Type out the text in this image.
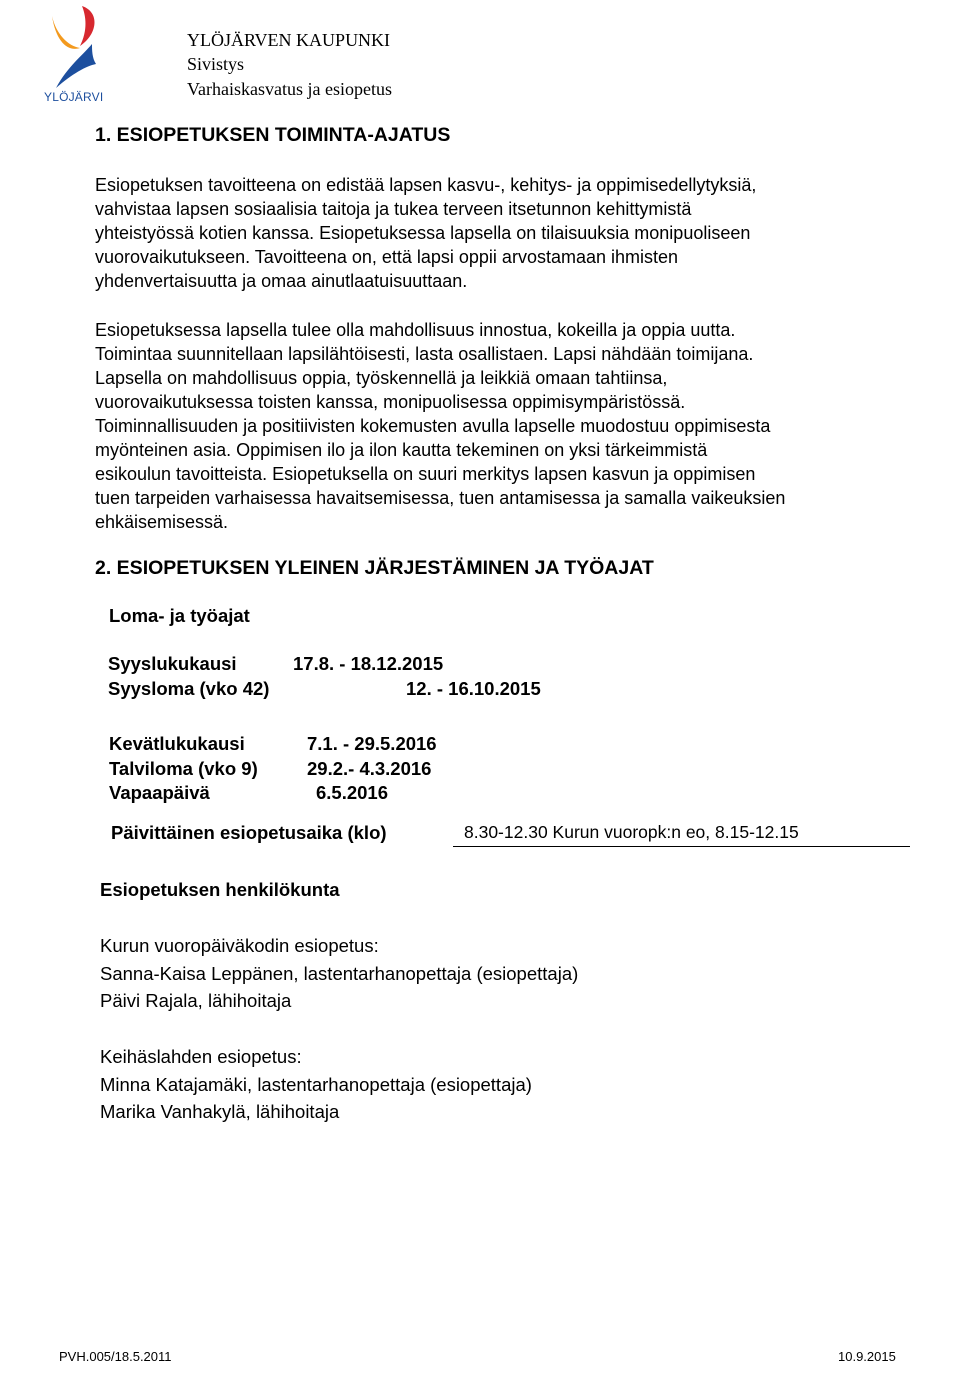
YLÖJÄRVI
YLÖJÄRVEN KAUPUNKI
Sivistys
Varhaiskasvatus ja esiopetus
1. ESIOPETUKSEN TOIMINTA-AJATUS
Esiopetuksen tavoitteena on edistää lapsen kasvu-, kehitys- ja oppimisedellytyksiä,
vahvistaa lapsen sosiaalisia taitoja ja tukea terveen itsetunnon kehittymistä
yhteistyössä kotien kanssa. Esiopetuksessa lapsella on tilaisuuksia monipuoliseen
vuorovaikutukseen. Tavoitteena on, että lapsi oppii arvostamaan ihmisten
yhdenvertaisuutta ja omaa ainutlaatuisuuttaan.
Esiopetuksessa lapsella tulee olla mahdollisuus innostua, kokeilla ja oppia uutta.
Toimintaa suunnitellaan lapsilähtöisesti, lasta osallistaen. Lapsi nähdään toimijana.
Lapsella on mahdollisuus oppia, työskennellä ja leikkiä omaan tahtiinsa,
vuorovaikutuksessa toisten kanssa, monipuolisessa oppimisympäristössä.
Toiminnallisuuden ja positiivisten kokemusten avulla lapselle muodostuu oppimisesta
myönteinen asia. Oppimisen ilo ja ilon kautta tekeminen on yksi tärkeimmistä
esikoulun tavoitteista. Esiopetuksella on suuri merkitys lapsen kasvun ja oppimisen
tuen tarpeiden varhaisessa havaitsemisessa, tuen antamisessa ja samalla vaikeuksien
ehkäisemisessä.
2. ESIOPETUKSEN YLEINEN JÄRJESTÄMINEN JA TYÖAJAT
Loma- ja työajat
Syyslukukausi	17.8. - 18.12.2015
Syysloma (vko 42)	12. - 16.10.2015
Kevätlukukausi	7.1. - 29.5.2016
Talviloma (vko 9)	29.2.- 4.3.2016
Vapaapäivä	6.5.2016
Päivittäinen esiopetusaika (klo)	8.30-12.30 Kurun vuoropk:n eo, 8.15-12.15
Esiopetuksen henkilökunta
Kurun vuoropäiväkodin esiopetus:
Sanna-Kaisa Leppänen, lastentarhanopettaja (esiopettaja)
Päivi Rajala, lähihoitaja
Keihäslahden esiopetus:
Minna Katajamäki, lastentarhanopettaja (esiopettaja)
Marika Vanhakylä, lähihoitaja
PVH.005/18.5.2011	10.9.2015
